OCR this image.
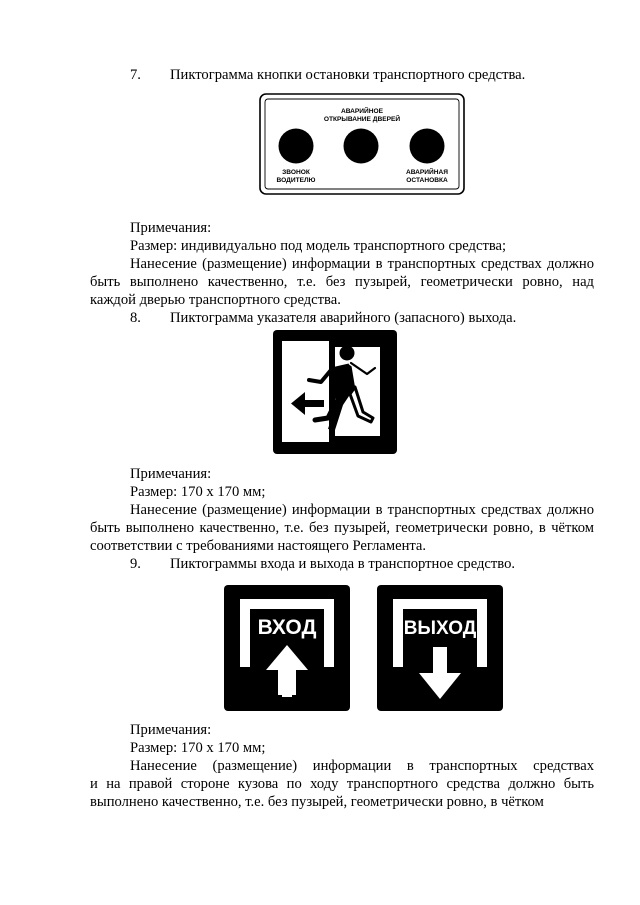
7. Пиктограмма кнопки остановки транспортного средства.
АВАРИЙНОЕ
ОТКРЫВАНИЕ ДВЕРЕЙ
ЗВОНОК
ВОДИТЕЛЮ
АВАРИЙНАЯ
ОСТАНОВКА
Примечания:
Размер: индивидуально под модель транспортного средства;
Нанесение (размещение) информации в транспортных средствах должно
быть выполнено качественно, т.е. без пузырей, геометрически ровно, над
каждой дверью транспортного средства.
8. Пиктограмма указателя аварийного (запасного) выхода.
Примечания:
Размер: 170 х 170 мм;
Нанесение (размещение) информации в транспортных средствах должно
быть выполнено качественно, т.е. без пузырей, геометрически ровно, в чётком
соответствии с требованиями настоящего Регламента.
9. Пиктограммы входа и выхода в транспортное средство.
ВХОД	ВЫХОД
Примечания:
Размер: 170 х 170 мм;
Нанесение (размещение) информации в транспортных средствах
и на правой стороне кузова по ходу транспортного средства должно быть
выполнено качественно, т.е. без пузырей, геометрически ровно, в чётком
